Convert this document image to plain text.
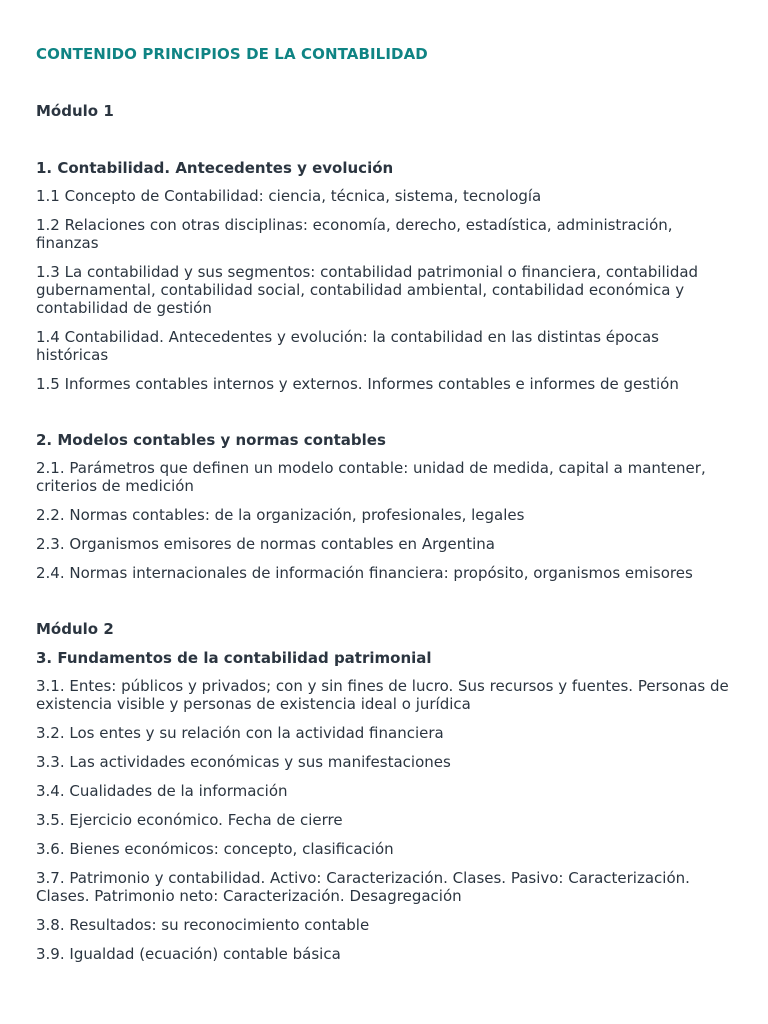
CONTENIDO PRINCIPIOS DE LA CONTABILIDAD
Módulo 1
1. Contabilidad. Antecedentes y evolución
1.1 Concepto de Contabilidad: ciencia, técnica, sistema, tecnología
1.2 Relaciones con otras disciplinas: economía, derecho, estadística, administración, finanzas
1.3 La contabilidad y sus segmentos: contabilidad patrimonial o financiera, contabilidad gubernamental, contabilidad social, contabilidad ambiental, contabilidad económica y contabilidad de gestión
1.4 Contabilidad. Antecedentes y evolución: la contabilidad en las distintas épocas históricas
1.5 Informes contables internos y externos. Informes contables e informes de gestión
2. Modelos contables y normas contables
2.1. Parámetros que definen un modelo contable: unidad de medida, capital a mantener, criterios de medición
2.2. Normas contables: de la organización, profesionales, legales
2.3. Organismos emisores de normas contables en Argentina
2.4. Normas internacionales de información financiera: propósito, organismos emisores
Módulo 2
3. Fundamentos de la contabilidad patrimonial
3.1. Entes: públicos y privados; con y sin fines de lucro. Sus recursos y fuentes. Personas de existencia visible y personas de existencia ideal o jurídica
3.2. Los entes y su relación con la actividad financiera
3.3. Las actividades económicas y sus manifestaciones
3.4. Cualidades de la información
3.5. Ejercicio económico. Fecha de cierre
3.6. Bienes económicos: concepto, clasificación
3.7. Patrimonio y contabilidad. Activo: Caracterización. Clases. Pasivo: Caracterización. Clases. Patrimonio neto: Caracterización. Desagregación
3.8. Resultados: su reconocimiento contable
3.9. Igualdad (ecuación) contable básica
